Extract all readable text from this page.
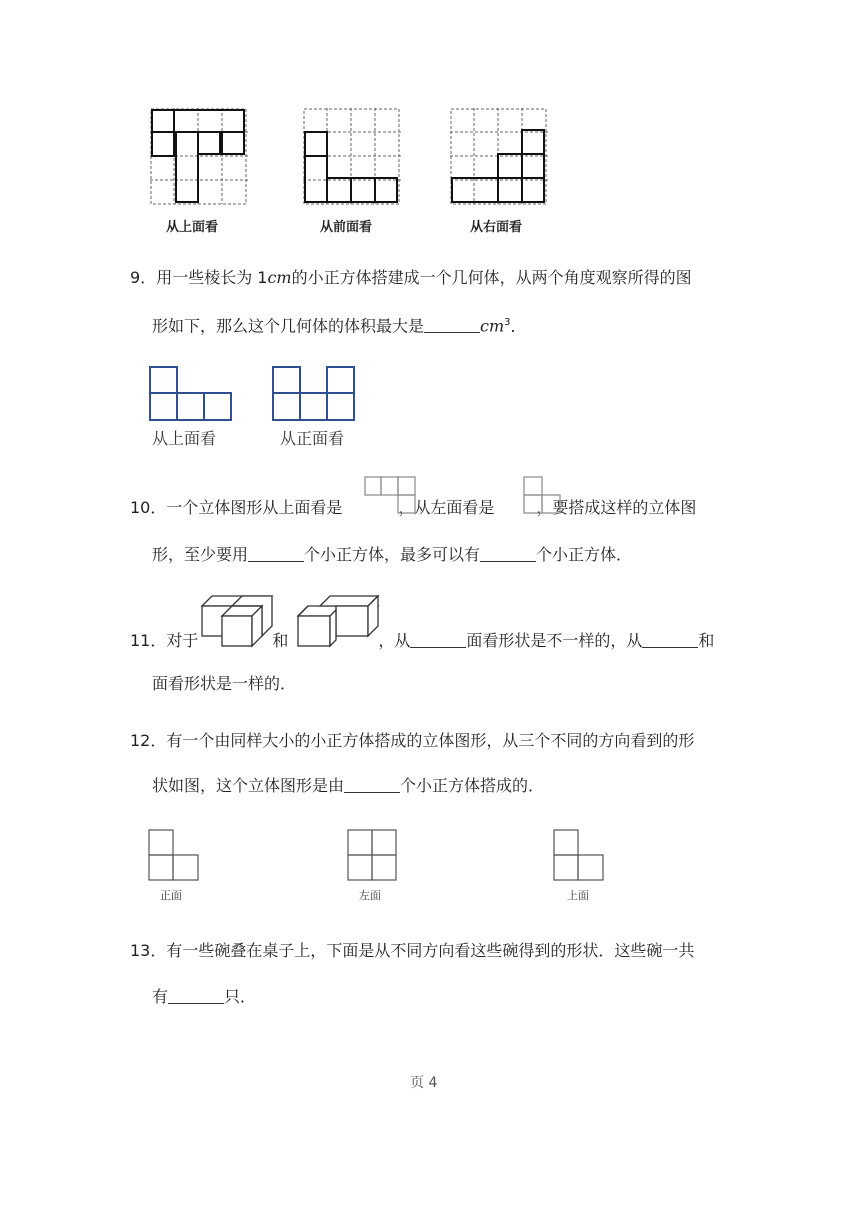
从上面看	从前面看	从右面看
9．用一些棱长为 1cm的小正方体搭建成一个几何体，从两个角度观察所得的图
形如下，那么这个几何体的体积最大是	$cm^3$．
从上面看	从正面看
10．一个立体图形从上面看是	，从左面看是	，要搭成这样的立体图
形，至少要用	个小正方体，最多可以有	个小正方体．
11．对于	和	，从	面看形状是不一样的，从	和
面看形状是一样的．
12．有一个由同样大小的小正方体搭成的立体图形，从三个不同的方向看到的形
状如图，这个立体图形是由	个小正方体搭成的．
正面	左面	上面
13．有一些碗叠在桌子上，下面是从不同方向看这些碗得到的形状．这些碗一共
有	只．
页 4
